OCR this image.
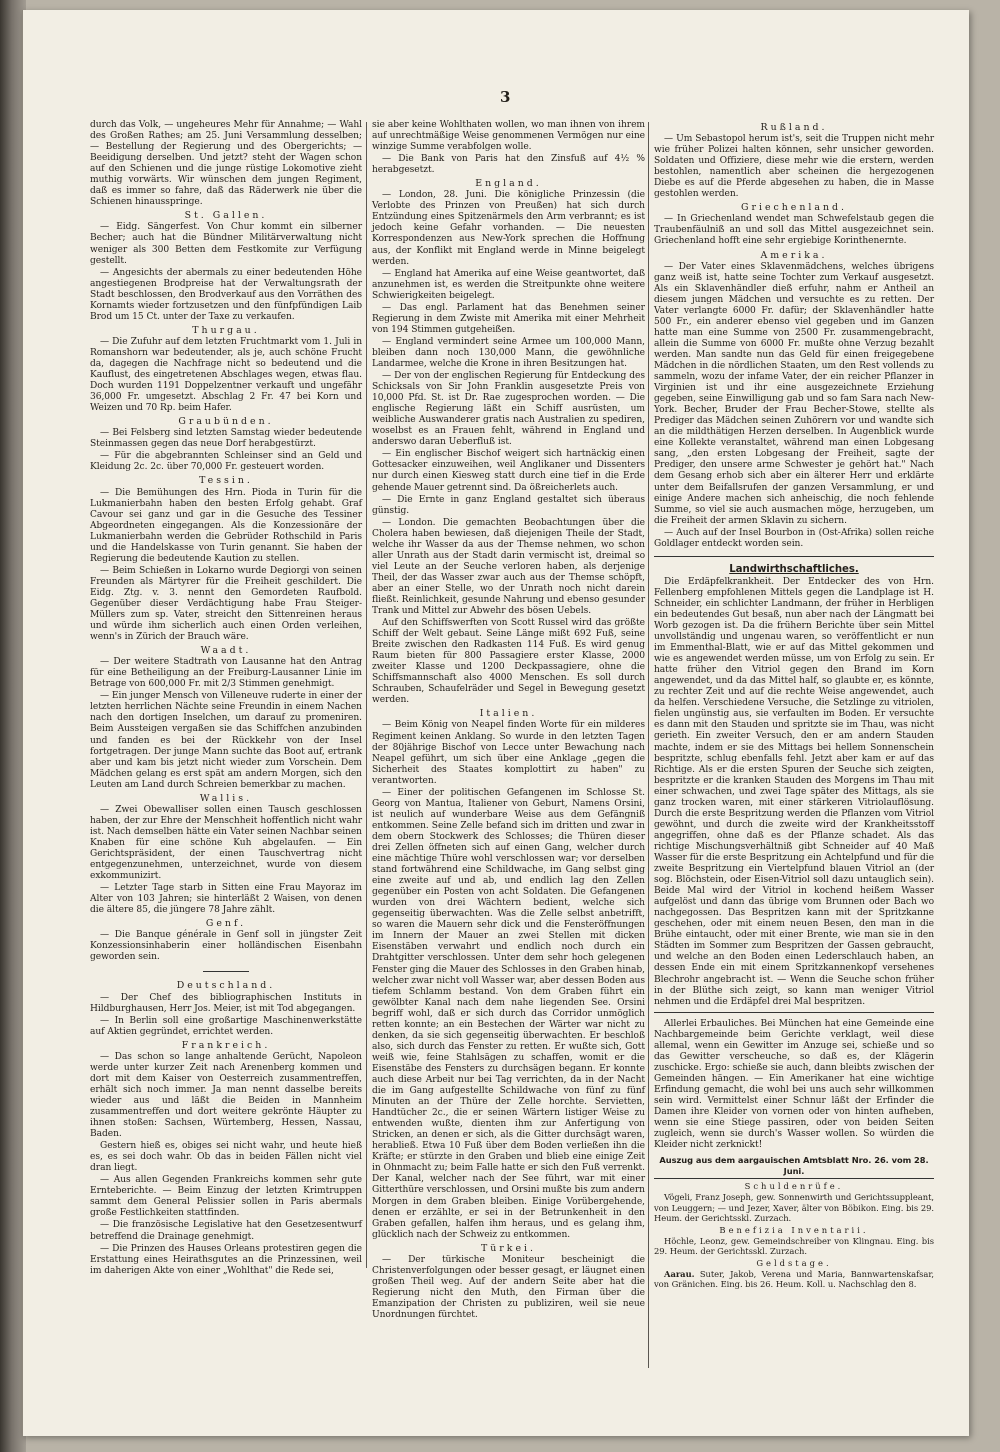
3

durch das Volk, — ungeheures Mehr für Annahme; — Wahl des Großen Rathes; am 25. Juni Versammlung desselben; — Bestellung der Regierung und des Obergerichts; — Beeidigung derselben. Und jetzt? steht der Wagen schon auf den Schienen und die junge rüstige Lokomotive zieht muthig vorwärts. Wir wünschen dem jungen Regiment, daß es immer so fahre, daß das Räderwerk nie über die Schienen hinausspringe.

St. Gallen.

— Eidg. Sängerfest. Von Chur kommt ein silberner Becher; auch hat die Bündner Militärverwaltung nicht weniger als 300 Betten dem Festkomite zur Verfügung gestellt.

— Angesichts der abermals zu einer bedeutenden Höhe angestiegenen Brodpreise hat der Verwaltungsrath der Stadt beschlossen, den Brodverkauf aus den Vorräthen des Kornamts wieder fortzusetzen und den fünfpfündigen Laib Brod um 15 Ct. unter der Taxe zu verkaufen.

Thurgau.

— Die Zufuhr auf dem letzten Fruchtmarkt vom 1. Juli in Romanshorn war bedeutender, als je, auch schöne Frucht da, dagegen die Nachfrage nicht so bedeutend und die Kauflust, des eingetretenen Abschlages wegen, etwas flau. Doch wurden 1191 Doppelzentner verkauft und ungefähr 36,000 Fr. umgesetzt. Abschlag 2 Fr. 47 bei Korn und Weizen und 70 Rp. beim Hafer.

Graubünden.

— Bei Felsberg sind letzten Samstag wieder bedeutende Steinmassen gegen das neue Dorf herabgestürzt.

— Für die abgebrannten Schleinser sind an Geld und Kleidung 2c. 2c. über 70,000 Fr. gesteuert worden.

Tessin.

— Die Bemühungen des Hrn. Pioda in Turin für die Lukmanierbahn haben den besten Erfolg gehabt. Graf Cavour sei ganz und gar in die Gesuche des Tessiner Abgeordneten eingegangen. Als die Konzessionäre der Lukmanierbahn werden die Gebrüder Rothschild in Paris und die Handelskasse von Turin genannt. Sie haben der Regierung die bedeutende Kaution zu stellen.

— Beim Schießen in Lokarno wurde Degiorgi von seinen Freunden als Märtyrer für die Freiheit geschildert. Die Eidg. Ztg. v. 3. nennt den Gemordeten Raufbold. Gegenüber dieser Verdächtigung habe Frau Steiger-Müllers zum sp. Vater, streicht den Sittenreinen heraus und würde ihm sicherlich auch einen Orden verleihen, wenn's in Zürich der Brauch wäre.

Waadt.

— Der weitere Stadtrath von Lausanne hat den Antrag für eine Betheiligung an der Freiburg-Lausanner Linie im Betrage von 600,000 Fr. mit 2/3 Stimmen genehmigt.

— Ein junger Mensch von Villeneuve ruderte in einer der letzten herrlichen Nächte seine Freundin in einem Nachen nach den dortigen Inselchen, um darauf zu promeniren. Beim Aussteigen vergaßen sie das Schiffchen anzubinden und fanden es bei der Rückkehr von der Insel fortgetragen. Der junge Mann suchte das Boot auf, ertrank aber und kam bis jetzt nicht wieder zum Vorschein. Dem Mädchen gelang es erst spät am andern Morgen, sich den Leuten am Land durch Schreien bemerkbar zu machen.

Wallis.

— Zwei Obewalliser sollen einen Tausch geschlossen haben, der zur Ehre der Menschheit hoffentlich nicht wahr ist. Nach demselben hätte ein Vater seinen Nachbar seinen Knaben für eine schöne Kuh abgelaufen. — Ein Gerichtspräsident, der einen Tauschvertrag nicht entgegenzunehmen, unterzeichnet, wurde von diesem exkommunizirt.

— Letzter Tage starb in Sitten eine Frau Mayoraz im Alter von 103 Jahren; sie hinterläßt 2 Waisen, von denen die ältere 85, die jüngere 78 Jahre zählt.

Genf.

— Die Banque générale in Genf soll in jüngster Zeit Konzessionsinhaberin einer holländischen Eisenbahn geworden sein.

Deutschland.

— Der Chef des bibliographischen Instituts in Hildburghausen, Herr Jos. Meier, ist mit Tod abgegangen.

— In Berlin soll eine großartige Maschinenwerkstätte auf Aktien gegründet, errichtet werden.

Frankreich.

— Das schon so lange anhaltende Gerücht, Napoleon werde unter kurzer Zeit nach Arenenberg kommen und dort mit dem Kaiser von Oesterreich zusammentreffen, erhält sich noch immer. Ja man nennt dasselbe bereits wieder aus und läßt die Beiden in Mannheim zusammentreffen und dort weitere gekrönte Häupter zu ihnen stoßen: Sachsen, Würtemberg, Hessen, Nassau, Baden.

Gestern hieß es, obiges sei nicht wahr, und heute hieß es, es sei doch wahr. Ob das in beiden Fällen nicht viel dran liegt.

— Aus allen Gegenden Frankreichs kommen sehr gute Ernteberichte. — Beim Einzug der letzten Krimtruppen sammt dem General Pelissier sollen in Paris abermals große Festlichkeiten stattfinden.

— Die französische Legislative hat den Gesetzesentwurf betreffend die Drainage genehmigt.

— Die Prinzen des Hauses Orleans protestiren gegen die Erstattung eines Heirathsgutes an die Prinzessinen, weil im daherigen Akte von einer „Wohlthat" die Rede sei,

sie aber keine Wohlthaten wollen, wo man ihnen von ihrem auf unrechtmäßige Weise genommenen Vermögen nur eine winzige Summe verabfolgen wolle.

— Die Bank von Paris hat den Zinsfuß auf 4½ % herabgesetzt.

England.

— London, 28. Juni. Die königliche Prinzessin (die Verlobte des Prinzen von Preußen) hat sich durch Entzündung eines Spitzenärmels den Arm verbrannt; es ist jedoch keine Gefahr vorhanden. — Die neuesten Korrespondenzen aus New-York sprechen die Hoffnung aus, der Konflikt mit England werde in Minne beigelegt werden.

— England hat Amerika auf eine Weise geantwortet, daß anzunehmen ist, es werden die Streitpunkte ohne weitere Schwierigkeiten beigelegt.

— Das engl. Parlament hat das Benehmen seiner Regierung in dem Zwiste mit Amerika mit einer Mehrheit von 194 Stimmen gutgeheißen.

— England vermindert seine Armee um 100,000 Mann, bleiben dann noch 130,000 Mann, die gewöhnliche Landarmee, welche die Krone in ihren Besitzungen hat.

— Der von der englischen Regierung für Entdeckung des Schicksals von Sir John Franklin ausgesetzte Preis von 10,000 Pfd. St. ist Dr. Rae zugesprochen worden. — Die englische Regierung läßt ein Schiff ausrüsten, um weibliche Auswanderer gratis nach Australien zu spediren, woselbst es an Frauen fehlt, während in England und anderswo daran Ueberfluß ist.

— Ein englischer Bischof weigert sich hartnäckig einen Gottesacker einzuweihen, weil Anglikaner und Dissenters nur durch einen Kiesweg statt durch eine tief in die Erde gehende Mauer getrennt sind. Da ößreicherlets auch.

— Die Ernte in ganz England gestaltet sich überaus günstig.

— London. Die gemachten Beobachtungen über die Cholera haben bewiesen, daß diejenigen Theile der Stadt, welche ihr Wasser da aus der Themse nehmen, wo schon aller Unrath aus der Stadt darin vermischt ist, dreimal so viel Leute an der Seuche verloren haben, als derjenige Theil, der das Wasser zwar auch aus der Themse schöpft, aber an einer Stelle, wo der Unrath noch nicht darein fließt. Reinlichkeit, gesunde Nahrung und ebenso gesunder Trank und Mittel zur Abwehr des bösen Uebels.

Auf den Schiffswerften von Scott Russel wird das größte Schiff der Welt gebaut. Seine Länge mißt 692 Fuß, seine Breite zwischen den Radkasten 114 Fuß. Es wird genug Raum bieten für 800 Passagiere erster Klasse, 2000 zweiter Klasse und 1200 Deckpassagiere, ohne die Schiffsmannschaft also 4000 Menschen. Es soll durch Schrauben, Schaufelräder und Segel in Bewegung gesetzt werden.

Italien.

— Beim König von Neapel finden Worte für ein milderes Regiment keinen Anklang. So wurde in den letzten Tagen der 80jährige Bischof von Lecce unter Bewachung nach Neapel geführt, um sich über eine Anklage „gegen die Sicherheit des Staates komplottirt zu haben" zu verantworten.

— Einer der politischen Gefangenen im Schlosse St. Georg von Mantua, Italiener von Geburt, Namens Orsini, ist neulich auf wunderbare Weise aus dem Gefängniß entkommen. Seine Zelle befand sich im dritten und zwar in dem obern Stockwerk des Schlosses; die Thüren dieser drei Zellen öffneten sich auf einen Gang, welcher durch eine mächtige Thüre wohl verschlossen war; vor derselben stand fortwährend eine Schildwache, im Gang selbst ging eine zweite auf und ab, und endlich lag den Zellen gegenüber ein Posten von acht Soldaten. Die Gefangenen wurden von drei Wächtern bedient, welche sich gegenseitig überwachten. Was die Zelle selbst anbetrifft, so waren die Mauern sehr dick und die Fensteröffnungen im Innern der Mauer an zwei Stellen mit dicken Eisenstäben verwahrt und endlich noch durch ein Drahtgitter verschlossen. Unter dem sehr hoch gelegenen Fenster ging die Mauer des Schlosses in den Graben hinab, welcher zwar nicht voll Wasser war, aber dessen Boden aus tiefem Schlamm bestand. Von dem Graben führt ein gewölbter Kanal nach dem nahe liegenden See. Orsini begriff wohl, daß er sich durch das Corridor unmöglich retten konnte; an ein Bestechen der Wärter war nicht zu denken, da sie sich gegenseitig überwachten. Er beschloß also, sich durch das Fenster zu retten. Er wußte sich, Gott weiß wie, feine Stahlsägen zu schaffen, womit er die Eisenstäbe des Fensters zu durchsägen begann. Er konnte auch diese Arbeit nur bei Tag verrichten, da in der Nacht die im Gang aufgestellte Schildwache von fünf zu fünf Minuten an der Thüre der Zelle horchte. Servietten, Handtücher 2c., die er seinen Wärtern listiger Weise zu entwenden wußte, dienten ihm zur Anfertigung von Stricken, an denen er sich, als die Gitter durchsägt waren, herabließ. Etwa 10 Fuß über dem Boden verließen ihn die Kräfte; er stürzte in den Graben und blieb eine einige Zeit in Ohnmacht zu; beim Falle hatte er sich den Fuß verrenkt. Der Kanal, welcher nach der See führt, war mit einer Gitterthüre verschlossen, und Orsini mußte bis zum andern Morgen in dem Graben bleiben. Einige Vorübergehende, denen er erzählte, er sei in der Betrunkenheit in den Graben gefallen, halfen ihm heraus, und es gelang ihm, glücklich nach der Schweiz zu entkommen.

Türkei.

— Der türkische Moniteur bescheinigt die Christenverfolgungen oder besser gesagt, er läugnet einen großen Theil weg. Auf der andern Seite aber hat die Regierung nicht den Muth, den Firman über die Emanzipation der Christen zu publiziren, weil sie neue Unordnungen fürchtet.

Rußland.

— Um Sebastopol herum ist's, seit die Truppen nicht mehr wie früher Polizei halten können, sehr unsicher geworden. Soldaten und Offiziere, diese mehr wie die erstern, werden bestohlen, namentlich aber scheinen die hergezogenen Diebe es auf die Pferde abgesehen zu haben, die in Masse gestohlen werden.

Griechenland.

— In Griechenland wendet man Schwefelstaub gegen die Traubenfäulniß an und soll das Mittel ausgezeichnet sein. Griechenland hofft eine sehr ergiebige Korinthenernte.

Amerika.

— Der Vater eines Sklavenmädchens, welches übrigens ganz weiß ist, hatte seine Tochter zum Verkauf ausgesetzt. Als ein Sklavenhändler dieß erfuhr, nahm er Antheil an diesem jungen Mädchen und versuchte es zu retten. Der Vater verlangte 6000 Fr. dafür; der Sklavenhändler hatte 500 Fr., ein anderer ebenso viel gegeben und im Ganzen hatte man eine Summe von 2500 Fr. zusammengebracht, allein die Summe von 6000 Fr. mußte ohne Verzug bezahlt werden. Man sandte nun das Geld für einen freigegebene Mädchen in die nördlichen Staaten, um den Rest vollends zu sammeln, wozu der infame Vater, der ein reicher Pflanzer in Virginien ist und ihr eine ausgezeichnete Erziehung gegeben, seine Einwilligung gab und so fam Sara nach New-York. Becher, Bruder der Frau Becher-Stowe, stellte als Prediger das Mädchen seinen Zuhörern vor und wandte sich an die mildthätigen Herzen derselben. In Augenblick wurde eine Kollekte veranstaltet, während man einen Lobgesang sang, „den ersten Lobgesang der Freiheit, sagte der Prediger, den unsere arme Schwester je gehört hat." Nach dem Gesang erhob sich aber ein älterer Herr und erklärte unter dem Beifallsrufen der ganzen Versammlung, er und einige Andere machen sich anheischig, die noch fehlende Summe, so viel sie auch ausmachen möge, herzugeben, um die Freiheit der armen Sklavin zu sichern.

— Auch auf der Insel Bourbon in (Ost-Afrika) sollen reiche Goldlager entdeckt worden sein.

Landwirthschaftliches.

Die Erdäpfelkrankheit. Der Entdecker des von Hrn. Fellenberg empfohlenen Mittels gegen die Landplage ist H. Schneider, ein schlichter Landmann, der früher in Herbligen ein bedeutendes Gut besaß, nun aber nach der Längmatt bei Worb gezogen ist. Da die frühern Berichte über sein Mittel unvollständig und ungenau waren, so veröffentlicht er nun im Emmenthal-Blatt, wie er auf das Mittel gekommen und wie es angewendet werden müsse, um von Erfolg zu sein. Er hatte früher den Vitriol gegen den Brand im Korn angewendet, und da das Mittel half, so glaubte er, es könnte, zu rechter Zeit und auf die rechte Weise angewendet, auch da helfen. Verschiedene Versuche, die Setzlinge zu vitriolen, fielen ungünstig aus, sie verfaulten im Boden. Er versuchte es dann mit den Stauden und spritzte sie im Thau, was nicht gerieth. Ein zweiter Versuch, den er am andern Stauden machte, indem er sie des Mittags bei hellem Sonnenschein bespritzte, schlug ebenfalls fehl. Jetzt aber kam er auf das Richtige. Als er die ersten Spuren der Seuche sich zeigten, bespritzte er die kranken Stauden des Morgens im Thau mit einer schwachen, und zwei Tage später des Mittags, als sie ganz trocken waren, mit einer stärkeren Vitriolauflösung. Durch die erste Bespritzung werden die Pflanzen vom Vitriol gewöhnt, und durch die zweite wird der Krankheitsstoff angegriffen, ohne daß es der Pflanze schadet. Als das richtige Mischungsverhältniß gibt Schneider auf 40 Maß Wasser für die erste Bespritzung ein Achtelpfund und für die zweite Bespritzung ein Viertelpfund blauen Vitriol an (der sog. Blöchstein, oder Eisen-Vitriol soll dazu untauglich sein). Beide Mal wird der Vitriol in kochend heißem Wasser aufgelöst und dann das übrige vom Brunnen oder Bach wo nachgegossen. Das Bespritzen kann mit der Spritzkanne geschehen, oder mit einem neuen Besen, den man in die Brühe eintaucht, oder mit einer Brente, wie man sie in den Städten im Sommer zum Bespritzen der Gassen gebraucht, und welche an den Boden einen Lederschlauch haben, an dessen Ende ein mit einem Spritzkannenkopf versehenes Blechrohr angebracht ist. — Wenn die Seuche schon früher in der Blüthe sich zeigt, so kann man weniger Vitriol nehmen und die Erdäpfel drei Mal bespritzen.

Allerlei Erbauliches. Bei München hat eine Gemeinde eine Nachbargemeinde beim Gerichte verklagt, weil diese allemal, wenn ein Gewitter im Anzuge sei, schieße und so das Gewitter verscheuche, so daß es, der Klägerin zuschicke. Ergo: schieße sie auch, dann bleibts zwischen der Gemeinden hängen. — Ein Amerikaner hat eine wichtige Erfindung gemacht, die wohl bei uns auch sehr willkommen sein wird. Vermittelst einer Schnur läßt der Erfinder die Damen ihre Kleider von vornen oder von hinten aufheben, wenn sie eine Stiege passiren, oder von beiden Seiten zugleich, wenn sie durch's Wasser wollen. So würden die Kleider nicht zerknickt!

Auszug aus dem aargauischen Amtsblatt Nro. 26. vom 28. Juni.
Schuldenrüfe.

Vögeli, Franz Joseph, gew. Sonnenwirth und Gerichtssuppleant, von Leuggern; — und Jezer, Xaver, älter von Böbikon. Eing. bis 29. Heum. der Gerichtsskl. Zurzach.

Benefizia Inventarii.

Höchle, Leonz, gew. Gemeindschreiber von Klingnau. Eing. bis 29. Heum. der Gerichtsskl. Zurzach.

Geldstage.

Aarau. Suter, Jakob, Verena und Maria, Bannwartenskafsar, von Gränichen. Eing. bis 26. Heum. Koll. u. Nachschlag den 8.
